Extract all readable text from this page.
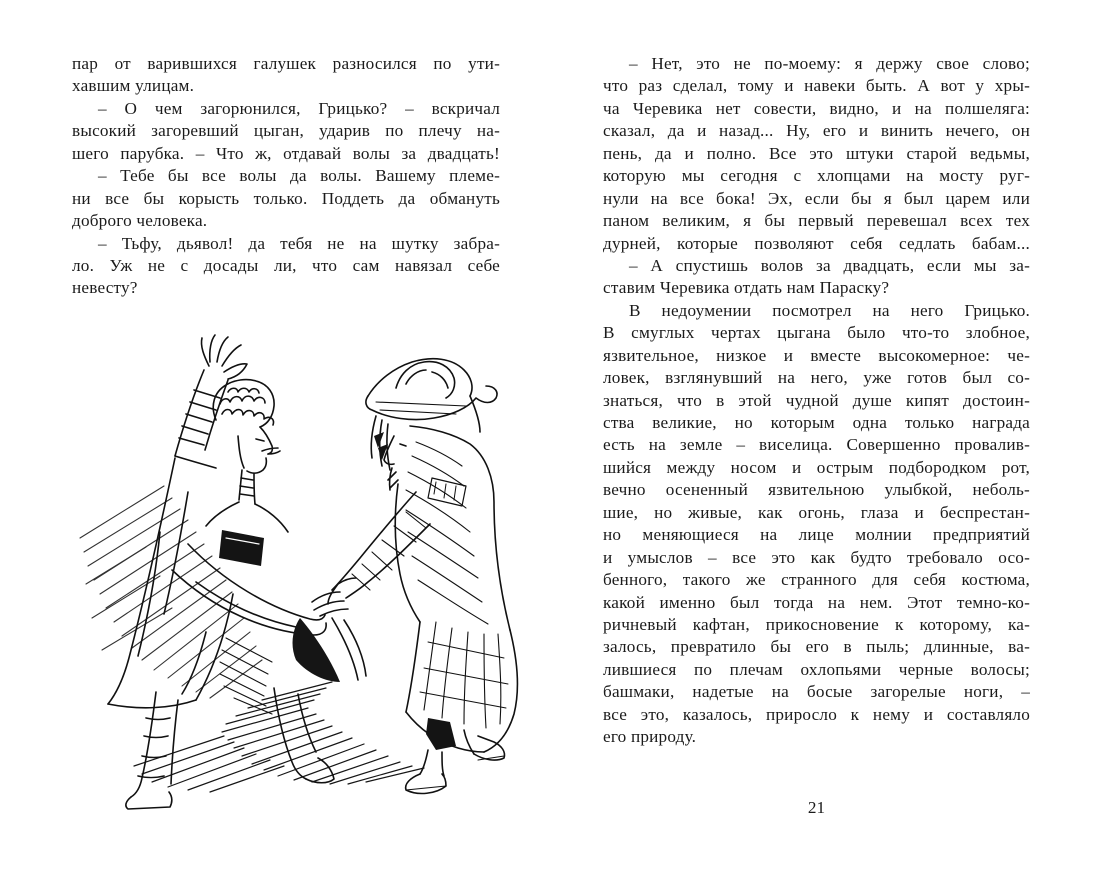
пар от варившихся галушек разносился по ути-
хавшим улицам.
– О чем загорюнился, Грицько? – вскричал
высокий загоревший цыган, ударив по плечу на-
шего парубка. – Что ж, отдавай волы за двадцать!
– Тебе бы все волы да волы. Вашему племе-
ни все бы корысть только. Поддеть да обмануть
доброго человека.
– Тьфу, дьявол! да тебя не на шутку забра-
ло. Уж не с досады ли, что сам навязал себе
невесту?
– Нет, это не по-моему: я держу свое слово;
что раз сделал, тому и навеки быть. А вот у хры-
ча Черевика нет совести, видно, и на полшеляга:
сказал, да и назад... Ну, его и винить нечего, он
пень, да и полно. Все это штуки старой ведьмы,
которую мы сегодня с хлопцами на мосту руг-
нули на все бока! Эх, если бы я был царем или
паном великим, я бы первый перевешал всех тех
дурней, которые позволяют себя седлать бабам...
– А спустишь волов за двадцать, если мы за-
ставим Черевика отдать нам Параску?
В недоумении посмотрел на него Грицько.
В смуглых чертах цыгана было что-то злобное,
язвительное, низкое и вместе высокомерное: че-
ловек, взглянувший на него, уже готов был со-
знаться, что в этой чудной душе кипят достоин-
ства великие, но которым одна только награда
есть на земле – виселица. Совершенно провалив-
шийся между носом и острым подбородком рот,
вечно осененный язвительною улыбкой, неболь-
шие, но живые, как огонь, глаза и беспрестан-
но меняющиеся на лице молнии предприятий
и умыслов – все это как будто требовало осо-
бенного, такого же странного для себя костюма,
какой именно был тогда на нем. Этот темно-ко-
ричневый кафтан, прикосновение к которому, ка-
залось, превратило бы его в пыль; длинные, ва-
лившиеся по плечам охлопьями черные волосы;
башмаки, надетые на босые загорелые ноги, –
все это, казалось, приросло к нему и составляло
его природу.
21
